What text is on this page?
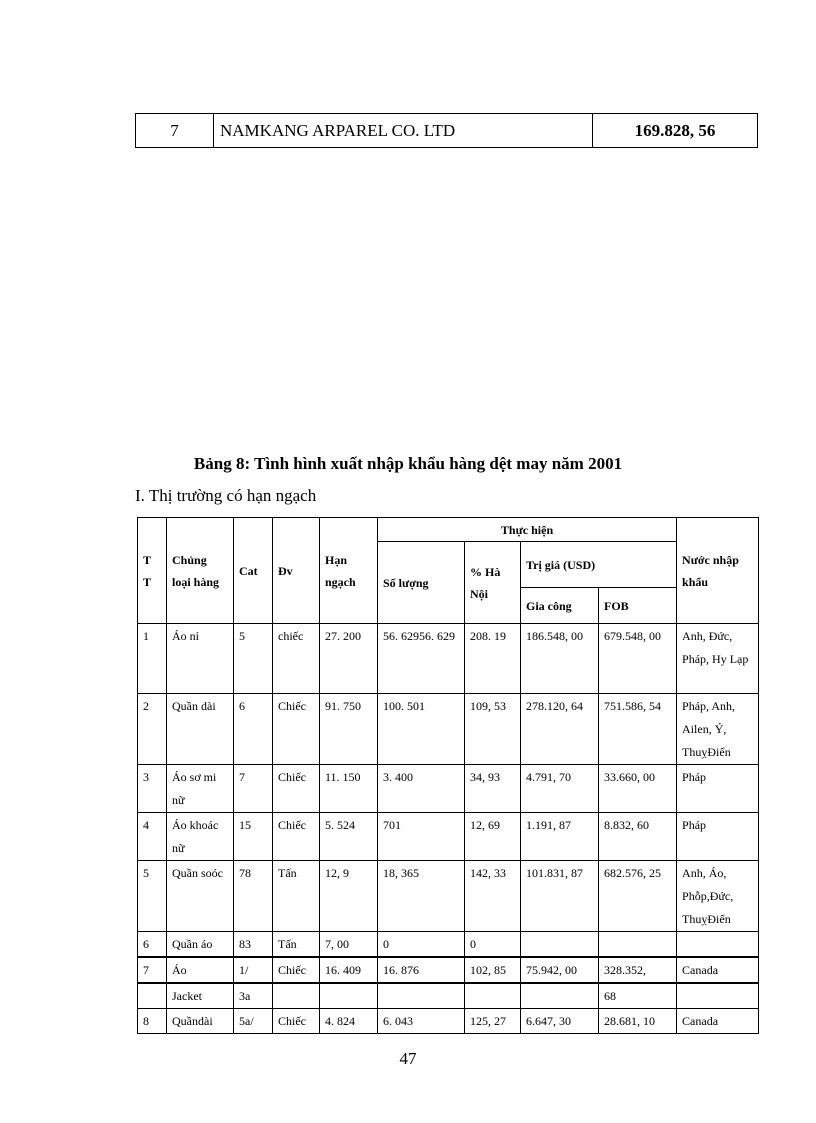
7	NAMKANG ARPAREL CO. LTD	169.828, 56
Bảng 8: Tình hình xuất nhập khẩu hàng dệt may năm 2001
I. Thị trường có hạn ngạch
T T	Chủng loại hàng	Cat	Đv	Hạn ngạch	Thực hiện				Nước nhập khẩu
					Số lượng	% Hà Nội	Trị giá (USD)		
							Gia công	FOB	
1	Áo nỉ	5	chiếc	27. 200	56. 62956. 629	208. 19	186.548, 00	679.548, 00	Anh, Đức, Pháp, Hy Lạp
2	Quần dài	6	Chiếc	91. 750	100. 501	109, 53	278.120, 64	751.586, 54	Pháp, Anh, Ailen, Ý, ThuỵĐiển
3	Áo sơ mi nữ	7	Chiếc	11. 150	3. 400	34, 93	4.791, 70	33.660, 00	Pháp
4	Áo khoác nữ	15	Chiếc	5. 524	701	12, 69	1.191, 87	8.832, 60	Pháp
5	Quần soóc	78	Tấn	12, 9	18, 365	142, 33	101.831, 87	682.576, 25	Anh, Áo, Phỗp,Đức, ThuỵĐiển
6	Quần áo	83	Tấn	7, 00	0	0			
7	Áo	1/	Chiếc	16. 409	16. 876	102, 85	75.942, 00	328.352,	Canada
	Jacket	3a						68	
8	Quầndài	5a/	Chiếc	4. 824	6. 043	125, 27	6.647, 30	28.681, 10	Canada
47
